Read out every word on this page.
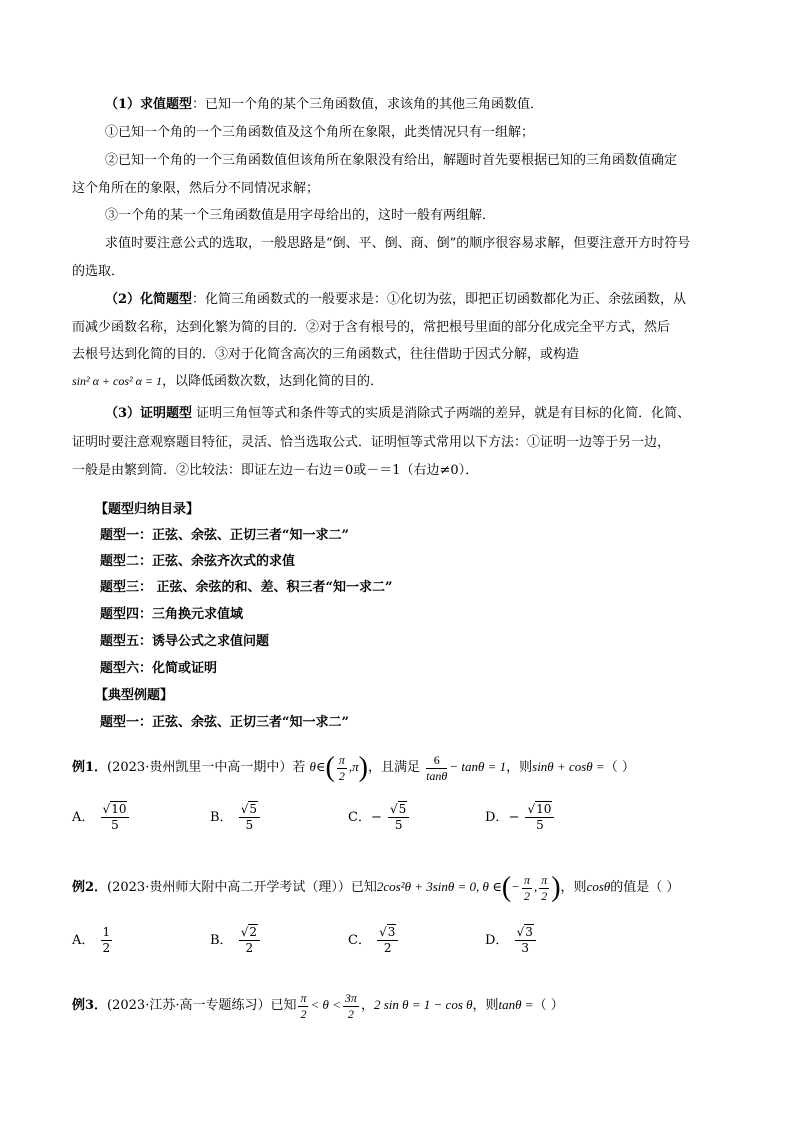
（1）求值题型：已知一个角的某个三角函数值，求该角的其他三角函数值．
①已知一个角的一个三角函数值及这个角所在象限，此类情况只有一组解；
②已知一个角的一个三角函数值但该角所在象限没有给出，解题时首先要根据已知的三角函数值确定
这个角所在的象限，然后分不同情况求解；
③一个角的某一个三角函数值是用字母给出的，这时一般有两组解．
求值时要注意公式的选取，一般思路是“倒、平、倒、商、倒”的顺序很容易求解，但要注意开方时符号
的选取．
（2）化简题型：化简三角函数式的一般要求是：①化切为弦，即把正切函数都化为正、余弦函数，从
而减少函数名称，达到化繁为简的目的．②对于含有根号的，常把根号里面的部分化成完全平方式，然后
去根号达到化简的目的．③对于化简含高次的三角函数式，往往借助于因式分解，或构造
sin² α + cos² α = 1，以降低函数次数，达到化简的目的．
（3）证明题型 证明三角恒等式和条件等式的实质是消除式子两端的差异，就是有目标的化简．化简、
证明时要注意观察题目特征，灵活、恰当选取公式．证明恒等式常用以下方法：①证明一边等于另一边，
一般是由繁到简．②比较法：即证左边－右边＝0或－＝1（右边≠0）．
【题型归纳目录】
题型一：正弦、余弦、正切三者“知一求二”
题型二：正弦、余弦齐次式的求值
题型三： 正弦、余弦的和、差、积三者“知一求二”
题型四：三角换元求值域
题型五：诱导公式之求值问题
题型六：化简或证明
【典型例题】
题型一：正弦、余弦、正切三者“知一求二”
例1．(2023·贵州凯里一中高一期中）若 θ∈( $\frac{\pi}{2} ,\pi$)，且满足 $\frac{6}{\tan\theta} - \tan\theta = 1$，则sinθ + cosθ =（ ）
A． $\frac{√10}{5}$	B． $\frac{√5}{5}$	C．− $\frac{√5}{5}$	D．− $\frac{√10}{5}$
例2．(2023·贵州师大附中高二开学考试（理））已知2cos²θ + 3sinθ = 0, θ ∈(− $\frac{\pi}{2}$ , $\frac{\pi}{2}$ )，则cosθ的值是（ ）
A． $\frac{1}{2}$	B． $\frac{√2}{2}$	C． $\frac{√3}{2}$	D． $\frac{√3}{3}$
例3．(2023·江苏·高一专题练习）已知 $\frac{\pi}{2} < \theta < \frac{3\pi}{2}$ ，2 sin θ = 1 − cos θ，则tanθ =（ ）
